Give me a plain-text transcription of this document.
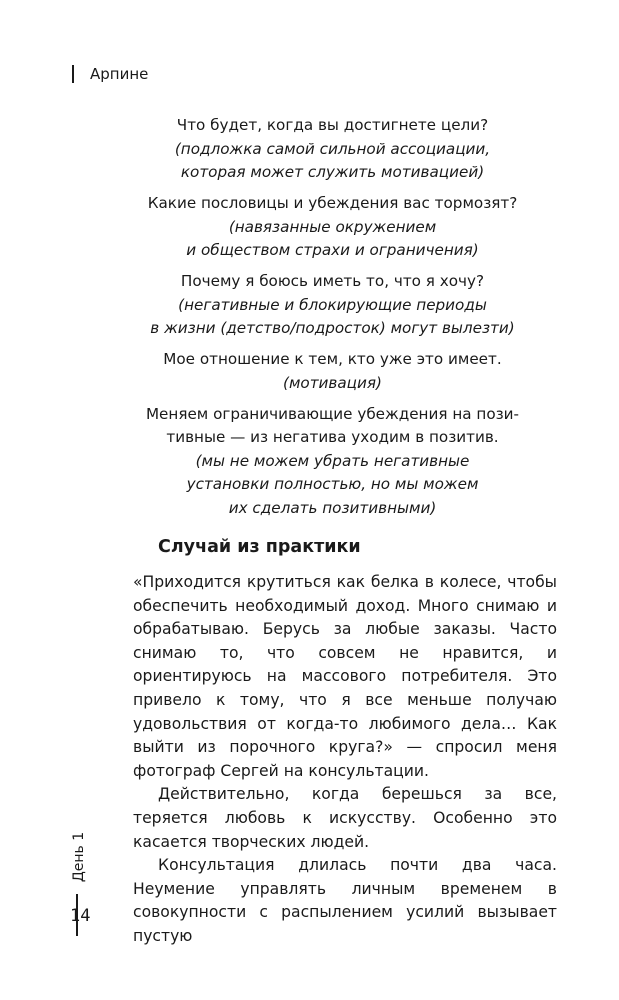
Арпине
Что будет, когда вы достигнете цели?
(подложка самой сильной ассоциации,
которая может служить мотивацией)
Какие пословицы и убеждения вас тормозят?
(навязанные окружением
и обществом страхи и ограничения)
Почему я боюсь иметь то, что я хочу?
(негативные и блокирующие периоды
в жизни (детство/подросток) могут вылезти)
Мое отношение к тем, кто уже это имеет.
(мотивация)
Меняем ограничивающие убеждения на пози-
тивные — из негатива уходим в позитив.
(мы не можем убрать негативные
установки полностью, но мы можем
их сделать позитивными)
Случай из практики

«Приходится крутиться как белка в колесе, чтобы обеспечить необходимый доход. Много снимаю и обрабатываю. Берусь за любые заказы. Часто снимаю то, что совсем не нравится, и ориентируюсь на массового потребителя. Это привело к тому, что я все меньше получаю удовольствия от когда-то любимого дела… Как выйти из порочного круга?» — спросил меня фотограф Сергей на консультации.

Действительно, когда берешься за все, теряется любовь к искусству. Особенно это касается творческих людей.

Консультация длилась почти два часа. Неумение управлять личным временем в совокупности с распылением усилий вызывает пустую

День 1
14
